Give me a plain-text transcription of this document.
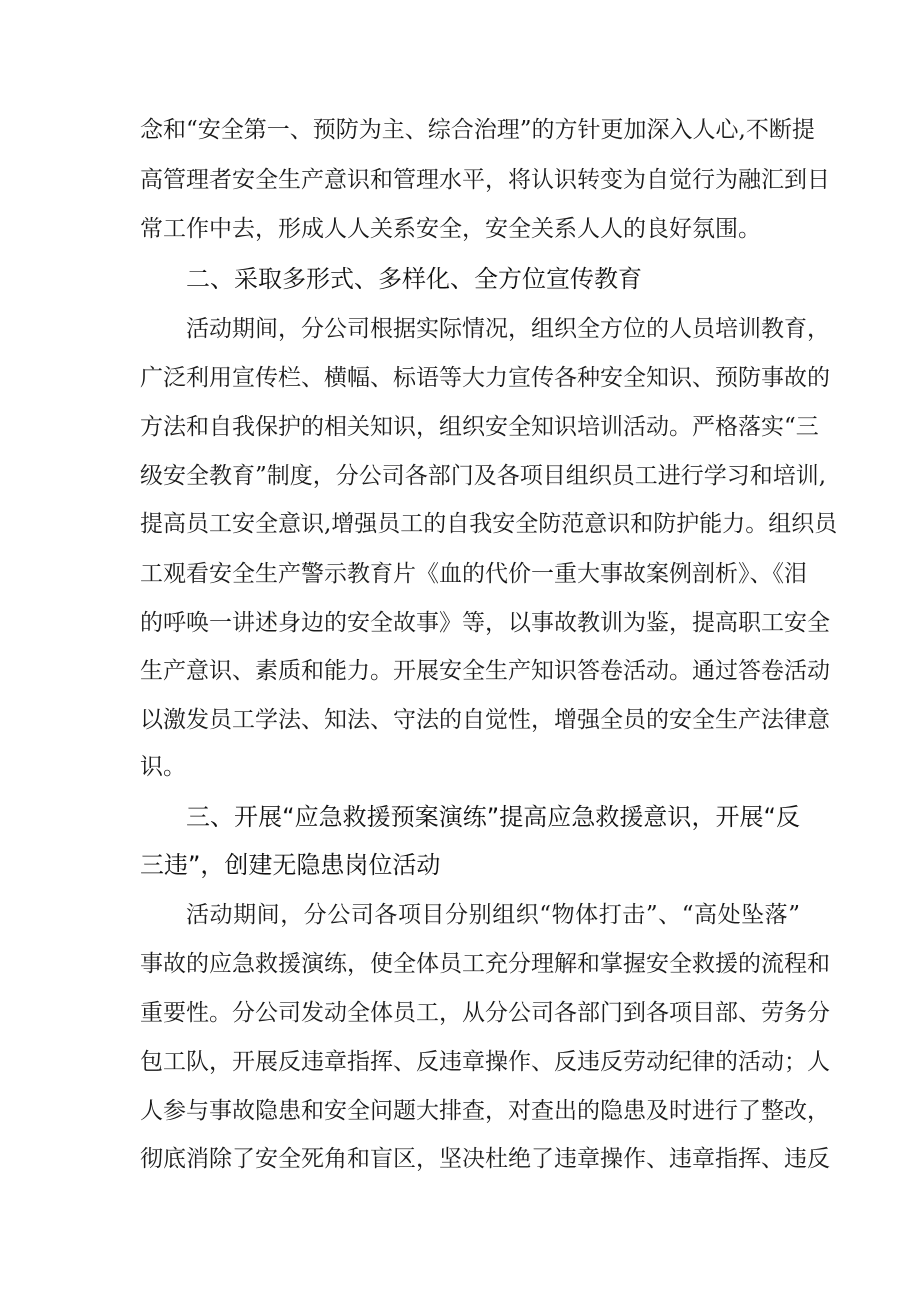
念和“安全第一、预防为主、综合治理”的方针更加深入人心,不断提
高管理者安全生产意识和管理水平，将认识转变为自觉行为融汇到日
常工作中去，形成人人关系安全，安全关系人人的良好氛围。
二、采取多形式、多样化、全方位宣传教育
活动期间，分公司根据实际情况，组织全方位的人员培训教育，
广泛利用宣传栏、横幅、标语等大力宣传各种安全知识、预防事故的
方法和自我保护的相关知识，组织安全知识培训活动。严格落实“三
级安全教育”制度，分公司各部门及各项目组织员工进行学习和培训,
提高员工安全意识,增强员工的自我安全防范意识和防护能力。组织员
工观看安全生产警示教育片《血的代价一重大事故案例剖析》、《泪
的呼唤一讲述身边的安全故事》等，以事故教训为鉴，提高职工安全
生产意识、素质和能力。开展安全生产知识答卷活动。通过答卷活动
以激发员工学法、知法、守法的自觉性，增强全员的安全生产法律意
识。
三、开展“应急救援预案演练”提高应急救援意识，开展“反
三违”，创建无隐患岗位活动
活动期间，分公司各项目分别组织“物体打击”、“高处坠落”
事故的应急救援演练，使全体员工充分理解和掌握安全救援的流程和
重要性。分公司发动全体员工，从分公司各部门到各项目部、劳务分
包工队，开展反违章指挥、反违章操作、反违反劳动纪律的活动；人
人参与事故隐患和安全问题大排查，对查出的隐患及时进行了整改，
彻底消除了安全死角和盲区，坚决杜绝了违章操作、违章指挥、违反
